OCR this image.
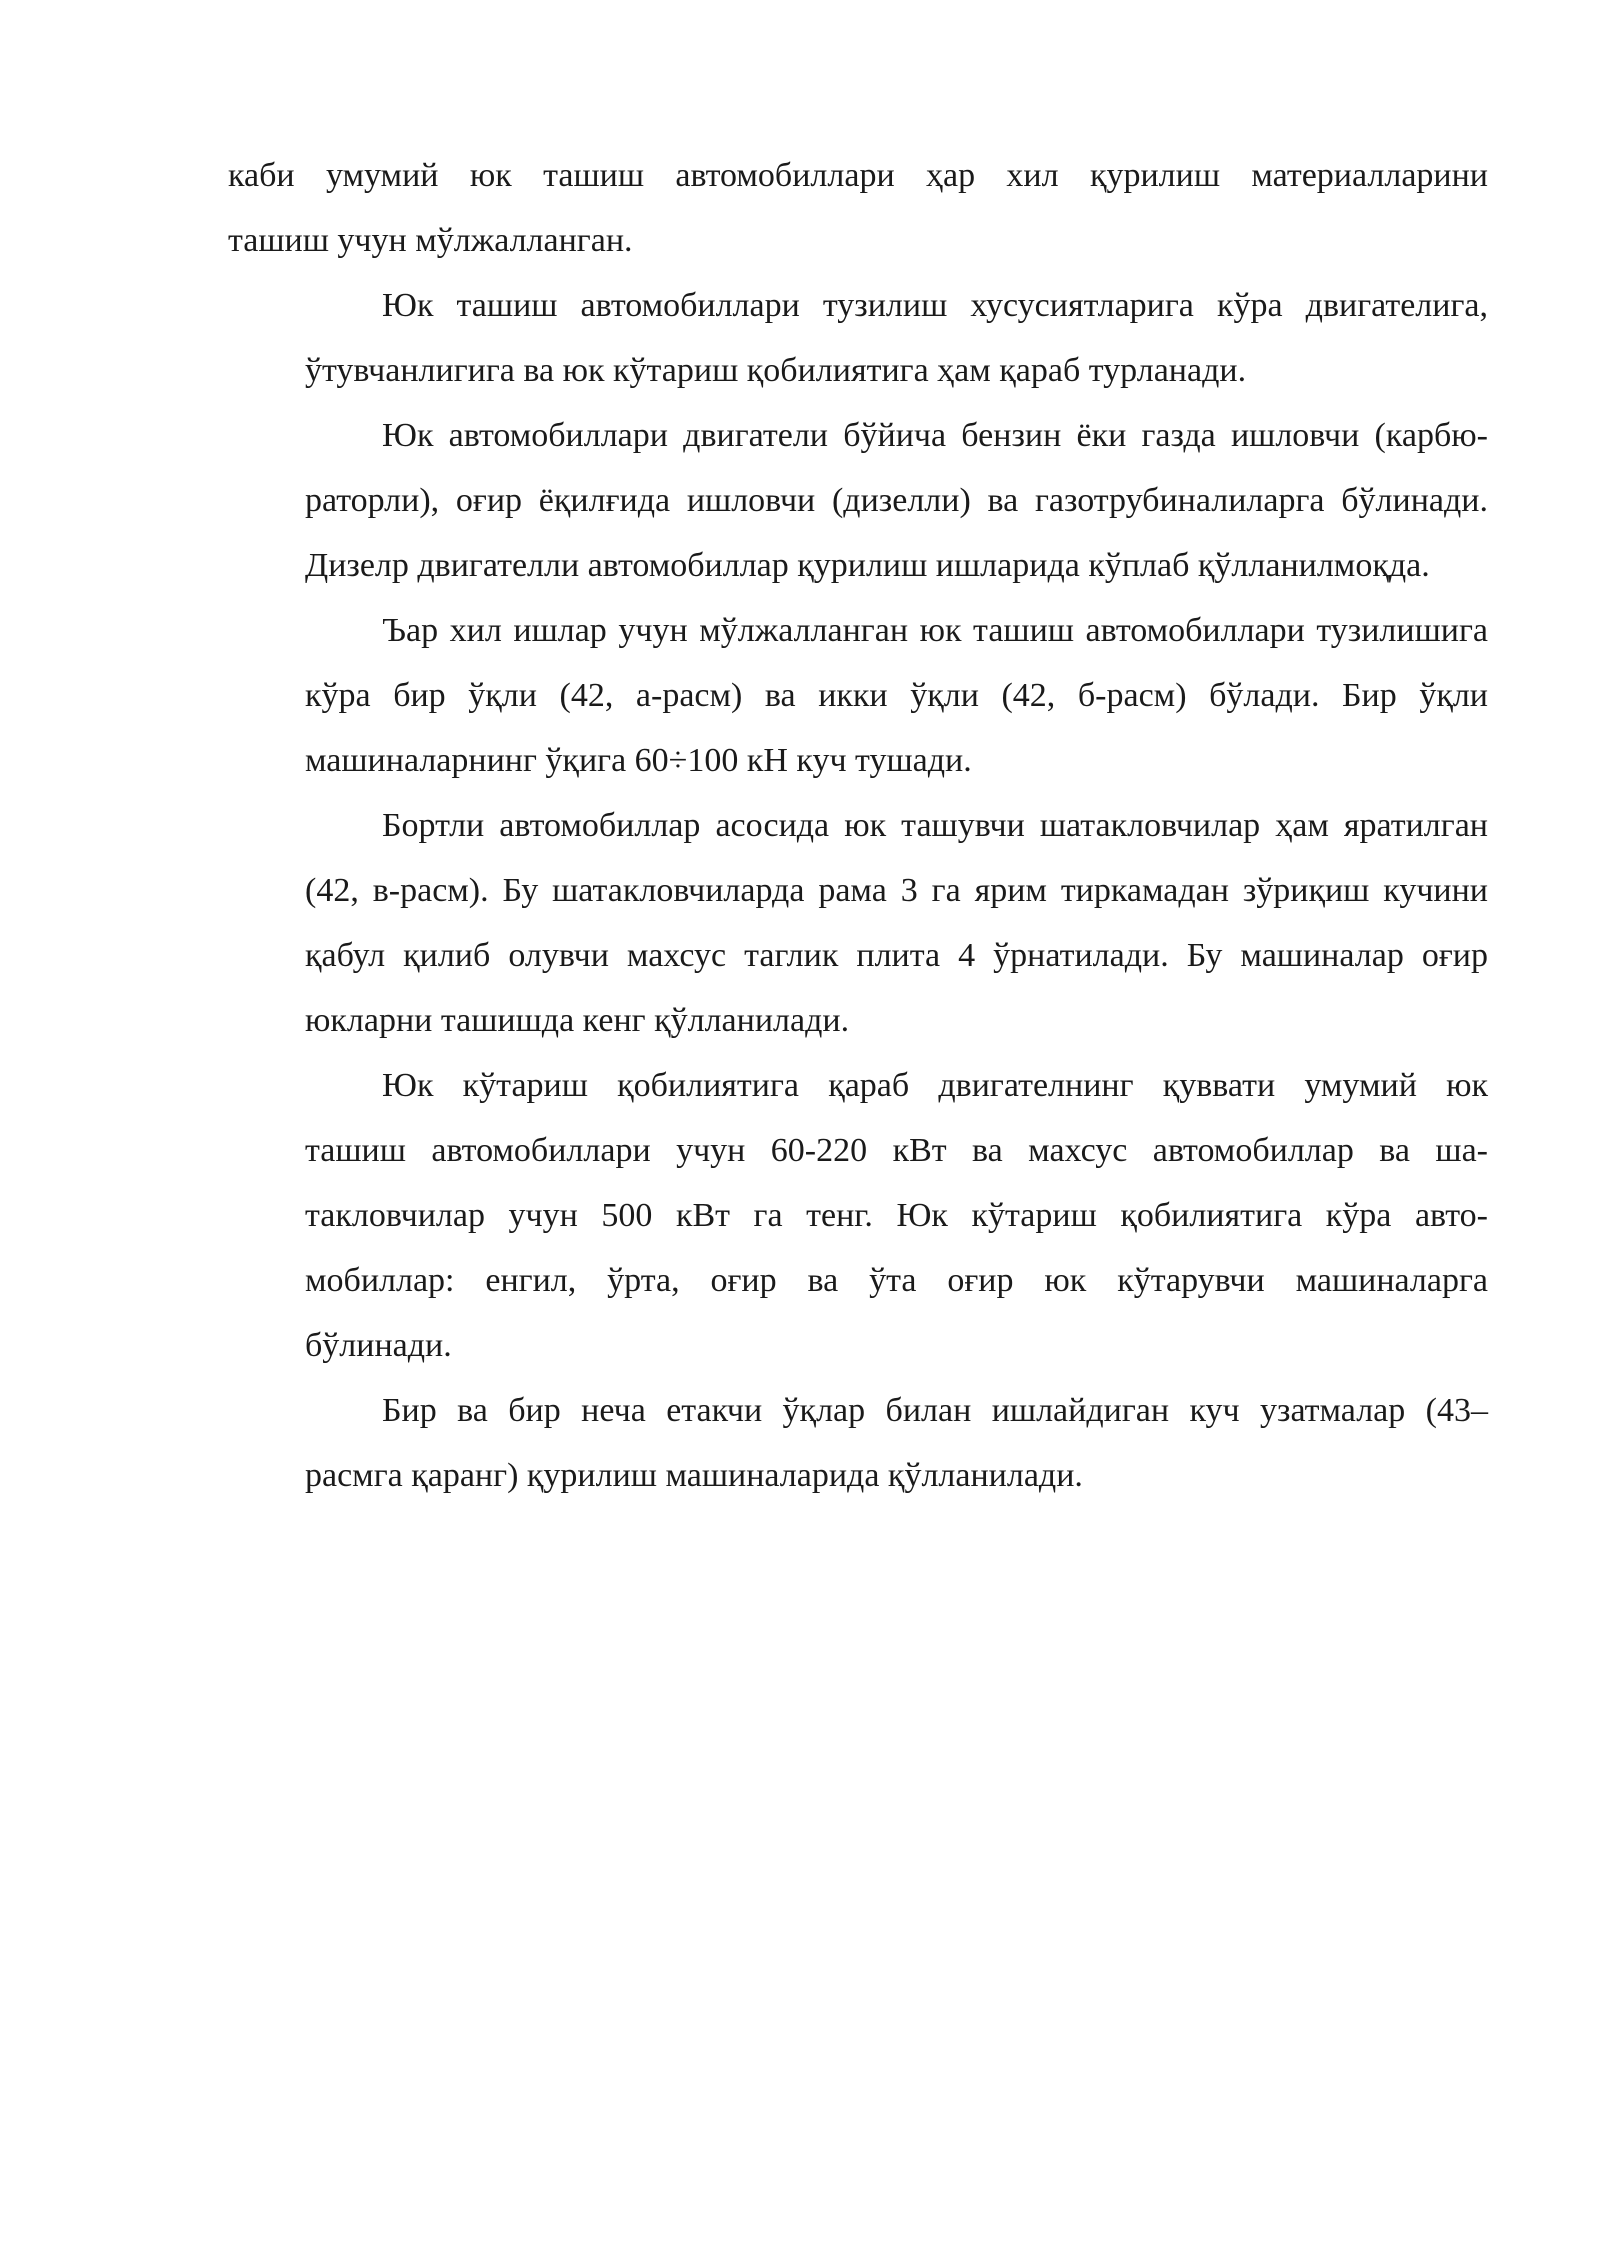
каби умумий юк ташиш автомобиллари ҳар хил қурилиш материалларини
ташиш учун мўлжалланган.
Юк ташиш автомобиллари тузилиш хусусиятларига кўра двигателига,
ўтувчанлигига ва юк кўтариш қобилиятига ҳам қараб турланади.
Юк автомобиллари двигатели бўйича бензин ёки газда ишловчи (карбю-
раторли), оғир ёқилғида ишловчи (дизелли) ва газотрубиналиларга бўлинади.
Дизелр двигателли автомобиллар қурилиш ишларида кўплаб қўлланилмоқда.
Ъар хил ишлар учун мўлжалланган юк ташиш автомобиллари тузилишига
кўра бир ўқли (42, а-расм) ва икки ўқли (42, б-расм) бўлади. Бир ўқли
машиналарнинг ўқига 60÷100 кН куч тушади.
Бортли автомобиллар асосида юк ташувчи шатакловчилар ҳам яратилган
(42, в-расм). Бу шатакловчиларда рама 3 га ярим тиркамадан зўриқиш кучини
қабул қилиб олувчи махсус таглик плита 4 ўрнатилади. Бу машиналар оғир
юкларни ташишда кенг қўлланилади.
Юк кўтариш қобилиятига қараб двигателнинг қуввати умумий юк
ташиш автомобиллари учун 60-220 кВт ва махсус автомобиллар ва ша-
такловчилар учун 500 кВт га тенг. Юк кўтариш қобилиятига кўра авто-
мобиллар: енгил, ўрта, оғир ва ўта оғир юк кўтарувчи машиналарга
бўлинади.
Бир ва бир неча етакчи ўқлар билан ишлайдиган куч узатмалар (43–
расмга қаранг) қурилиш машиналарида қўлланилади.
